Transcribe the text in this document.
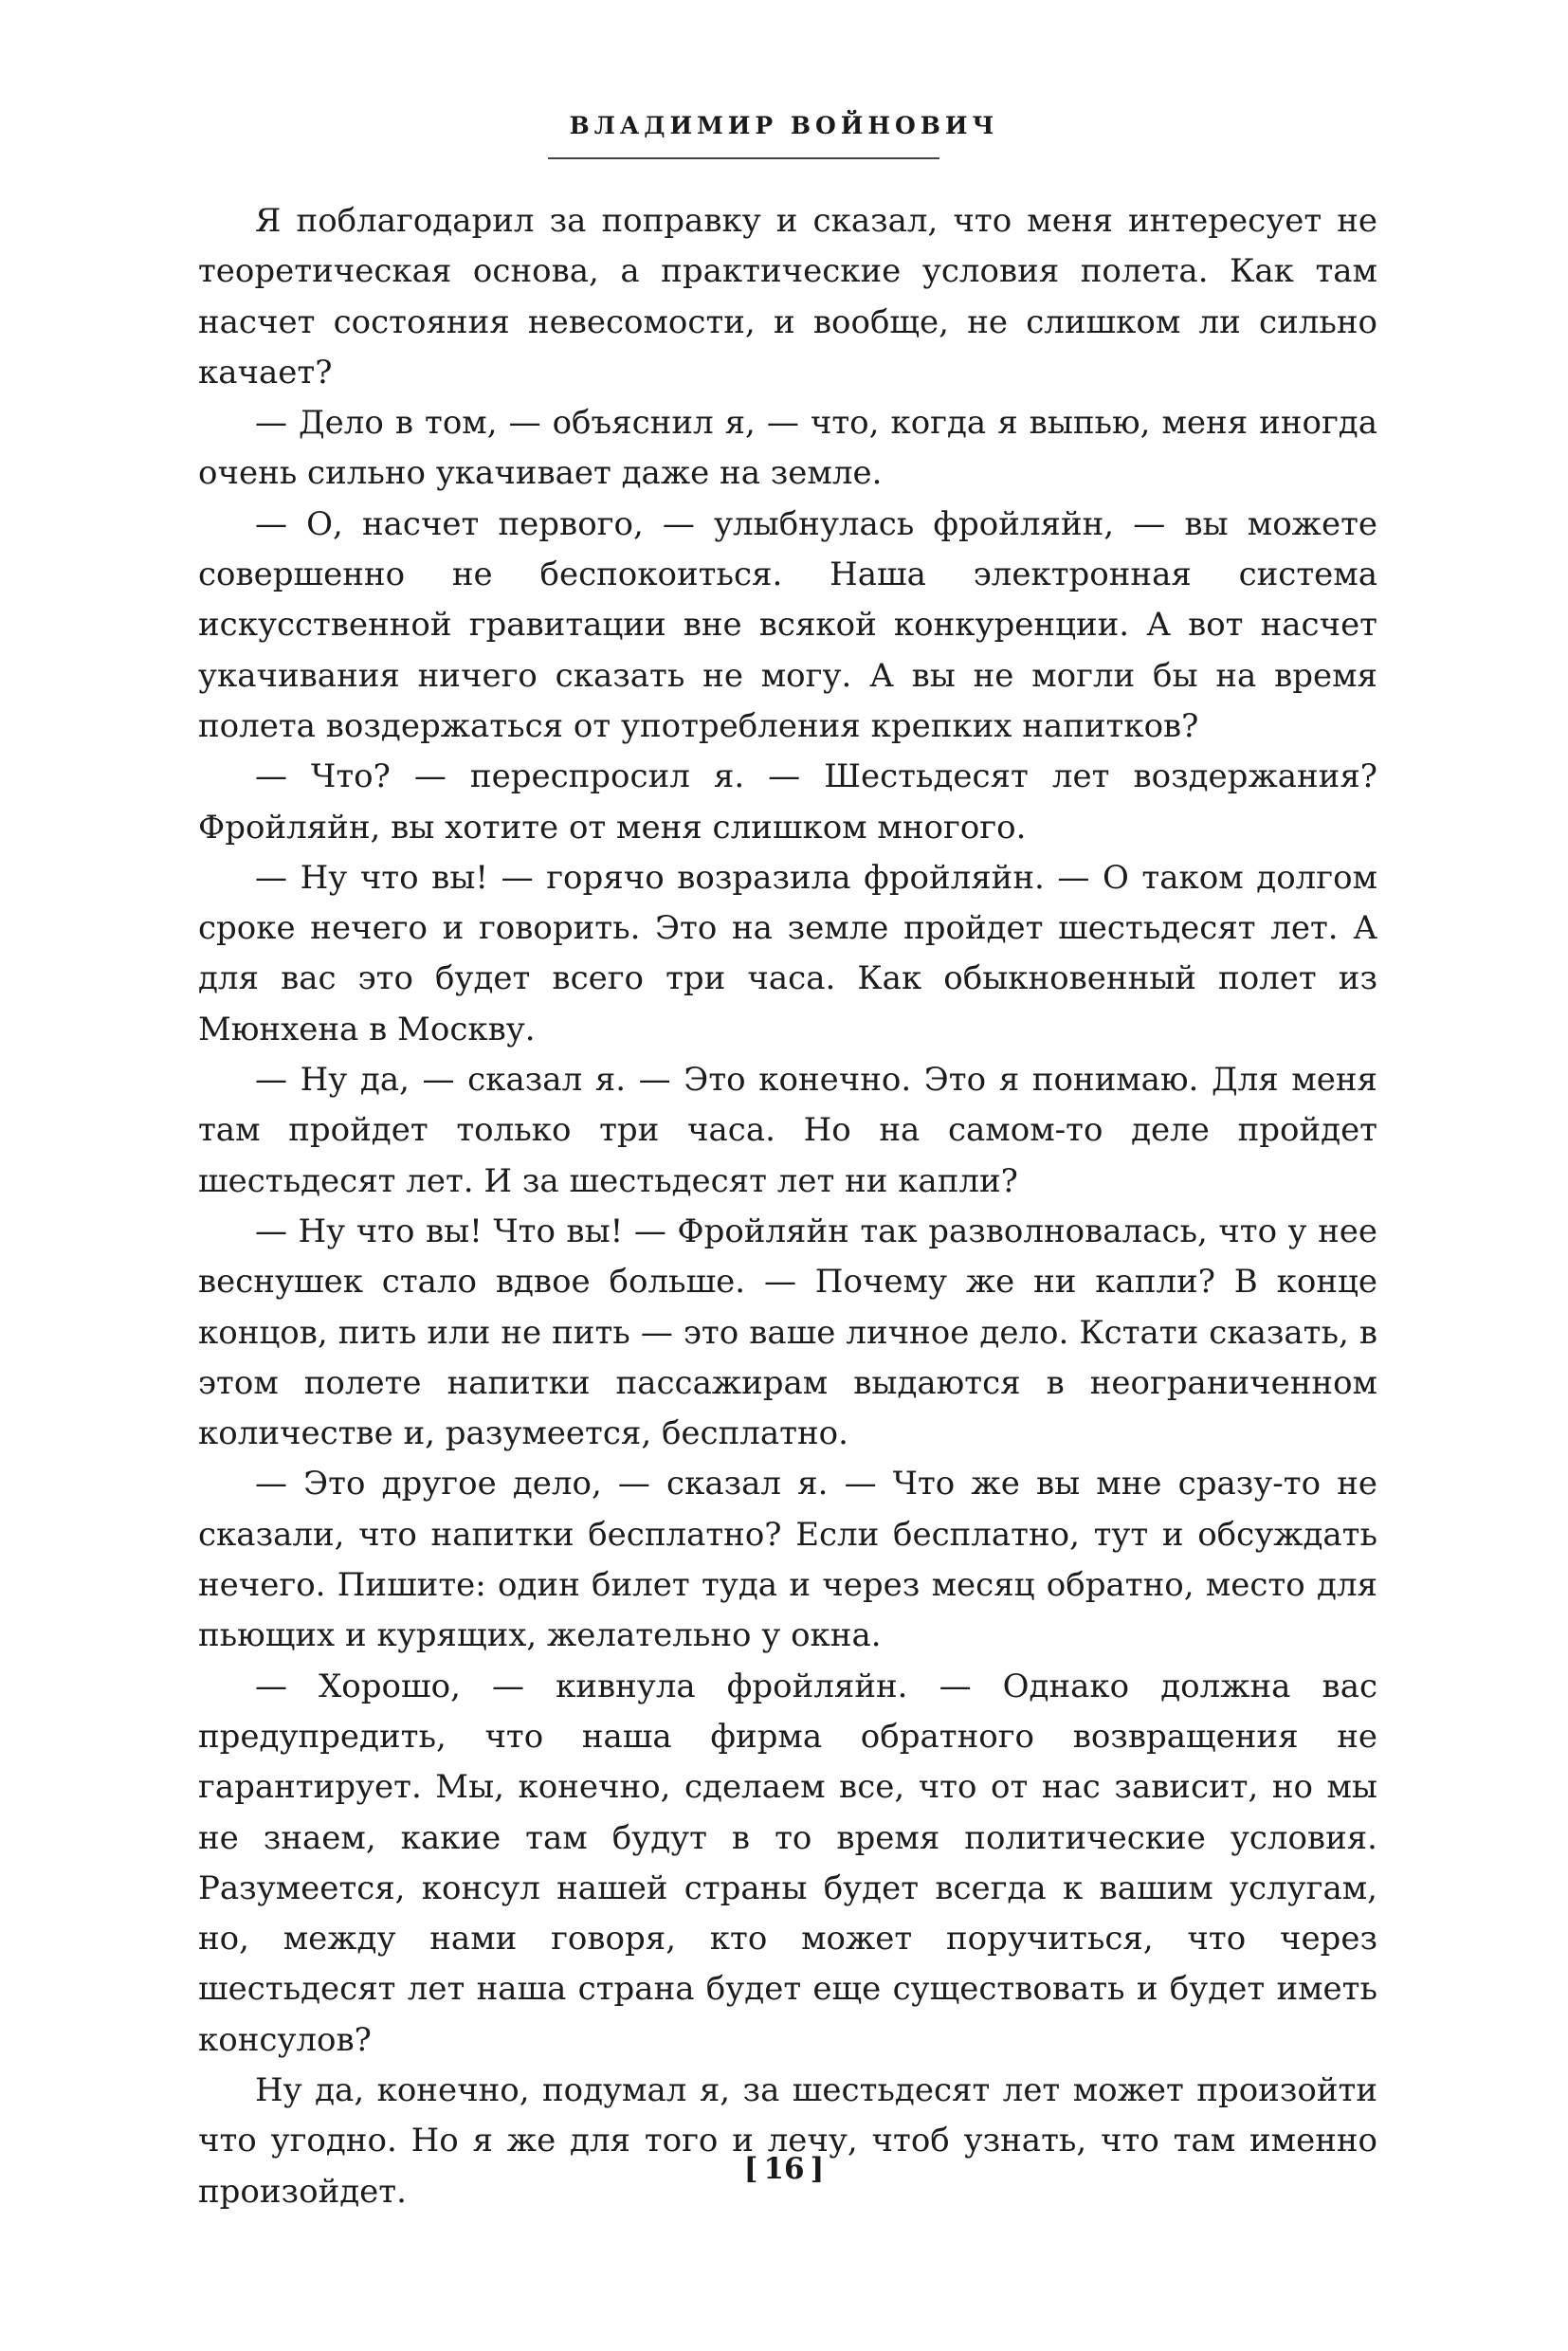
ВЛАДИМИР ВОЙНОВИЧ

Я поблагодарил за поправку и сказал, что меня интересует не теоретическая основа, а практические условия полета. Как там насчет состояния невесомости, и вообще, не слишком ли сильно качает?

— Дело в том, — объяснил я, — что, когда я выпью, меня иногда очень сильно укачивает даже на земле.

— О, насчет первого, — улыбнулась фройляйн, — вы можете совершенно не беспокоиться. Наша электронная система искусственной гравитации вне всякой конкуренции. А вот насчет укачивания ничего сказать не могу. А вы не могли бы на время полета воздержаться от употребления крепких напитков?

— Что? — переспросил я. — Шестьдесят лет воздержания? Фройляйн, вы хотите от меня слишком многого.

— Ну что вы! — горячо возразила фройляйн. — О таком долгом сроке нечего и говорить. Это на земле пройдет шестьдесят лет. А для вас это будет всего три часа. Как обыкновенный полет из Мюнхена в Москву.

— Ну да, — сказал я. — Это конечно. Это я понимаю. Для меня там пройдет только три часа. Но на самом-то деле пройдет шестьдесят лет. И за шестьдесят лет ни капли?

— Ну что вы! Что вы! — Фройляйн так разволновалась, что у нее веснушек стало вдвое больше. — Почему же ни капли? В конце концов, пить или не пить — это ваше личное дело. Кстати сказать, в этом полете напитки пассажирам выдаются в неограниченном количестве и, разумеется, бесплатно.

— Это другое дело, — сказал я. — Что же вы мне сразу-то не сказали, что напитки бесплатно? Если бесплатно, тут и обсуждать нечего. Пишите: один билет туда и через месяц обратно, место для пьющих и курящих, желательно у окна.

— Хорошо, — кивнула фройляйн. — Однако должна вас предупредить, что наша фирма обратного возвращения не гарантирует. Мы, конечно, сделаем все, что от нас зависит, но мы не знаем, какие там будут в то время политические условия. Разумеется, консул нашей страны будет всегда к вашим услугам, но, между нами говоря, кто может поручиться, что через шестьдесят лет наша страна будет еще существовать и будет иметь консулов?

Ну да, конечно, подумал я, за шестьдесят лет может произойти что угодно. Но я же для того и лечу, чтоб узнать, что там именно произойдет.

[ 16 ]
